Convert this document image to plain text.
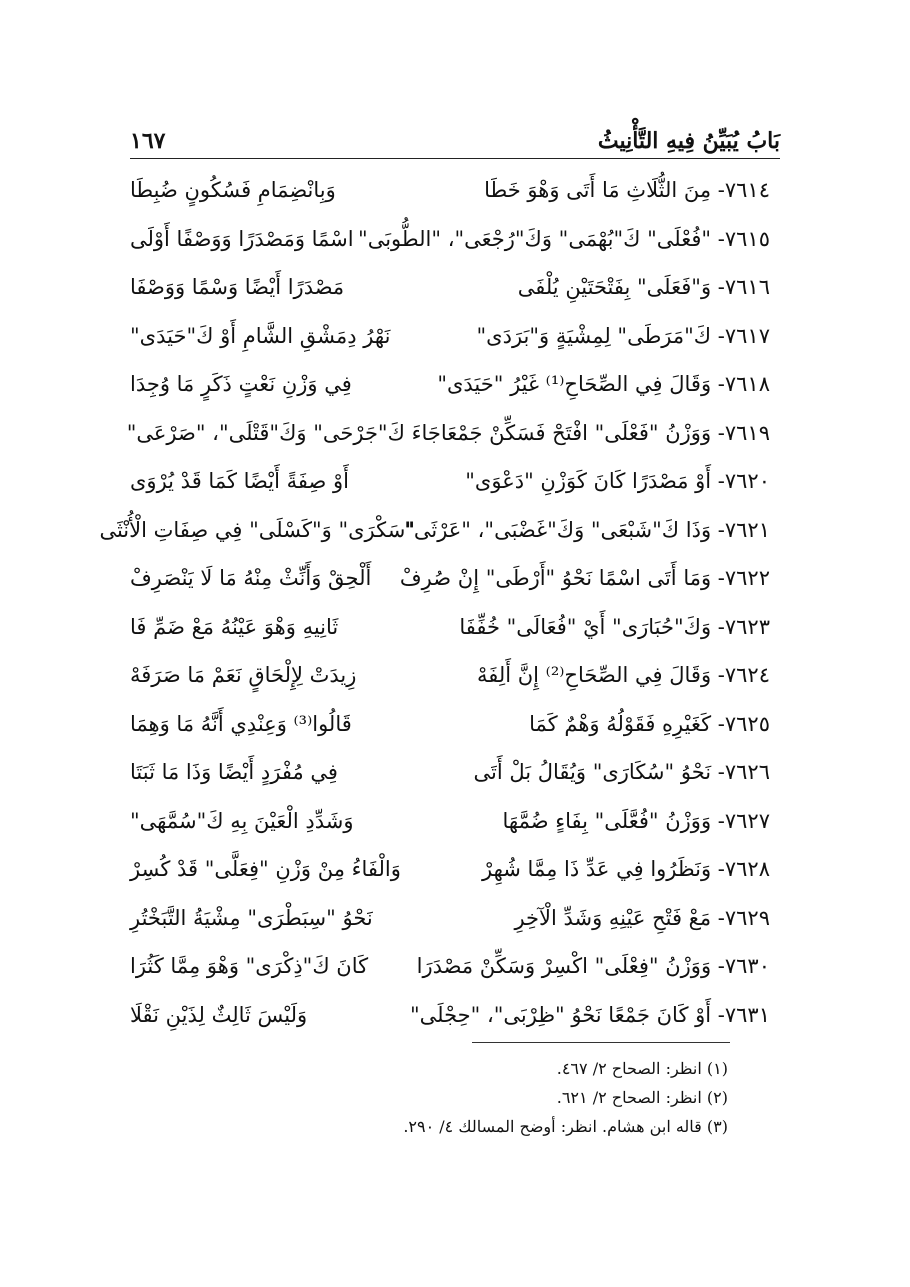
بَابُ يُبَيِّنُ فِيهِ التَّأْنِيثُ
١٦٧
٧٦١٤- مِنَ الثُّلَاثِ مَا أَتَى وَهْوَ خَطَا
وَبِانْضِمَامِ فَسُكُونٍ ضُبِطَا
٧٦١٥- "فُعْلَى" كَ"بُهْمَى" وَكَ"رُجْعَى"، "الطُّوبَى"
اسْمًا وَمَصْدَرًا وَوَصْفًا أَوْلَى
٧٦١٦- وَ"فَعَلَى" بِفَتْحَتَيْنِ يُلْفَى
مَصْدَرًا أَيْضًا وَسْمًا وَوَصْفَا
٧٦١٧- كَ"مَرَطَى" لِمِشْيَةٍ وَ"بَرَدَى"
نَهْرُ دِمَشْقِ الشَّامِ أَوْ كَ"حَيَدَى"
٧٦١٨- وَقَالَ فِي الصِّحَاحِ⁽¹⁾ غَيْرُ "حَيَدَى"
فِي وَزْنِ نَعْتٍ ذَكَرٍ مَا وُجِدَا
٧٦١٩- وَوَزْنُ "فَعْلَى" افْتَحْ فَسَكِّنْ جَمْعَا
جَاءَ كَ"جَرْحَى" وَكَ"قَتْلَى"، "صَرْعَى"
٧٦٢٠- أَوْ مَصْدَرًا كَانَ كَوَزْنِ "دَعْوَى"
أَوْ صِفَةً أَيْضًا كَمَا قَدْ يُرْوَى
٧٦٢١- وَذَا كَ"شَبْعَى" وَكَ"غَضْبَى"، "عَرْثَى"
"سَكْرَى" وَ"كَسْلَى" فِي صِفَاتِ الْأُنْثَى
٧٦٢٢- وَمَا أَتَى اسْمًا نَحْوُ "أَرْطَى" إِنْ صُرِفْ
أَلْحِقْ وَأَنِّثْ مِنْهُ مَا لَا يَنْصَرِفْ
٧٦٢٣- وَكَ"حُبَارَى" أَيْ "فُعَالَى" خُفِّفَا
ثَانِيهِ وَهْوَ عَيْنُهُ مَعْ ضَمِّ فَا
٧٦٢٤- وَقَالَ فِي الصِّحَاحِ⁽²⁾ إِنَّ أَلِفَهْ
زِيدَتْ لِإِلْحَاقٍ نَعَمْ مَا صَرَفَهْ
٧٦٢٥- كَغَيْرِهِ فَقَوْلُهُ وَهْمٌ كَمَا
قَالُوا⁽³⁾ وَعِنْدِي أَنَّهُ مَا وَهِمَا
٧٦٢٦- نَحْوُ "سُكَارَى" وَيُقَالُ بَلْ أَتَى
فِي مُفْرَدٍ أَيْضًا وَذَا مَا ثَبَتَا
٧٦٢٧- وَوَزْنُ "فُعَّلَى" بِفَاءٍ ضُمَّهَا
وَشَدِّدِ الْعَيْنَ بِهِ كَ"سُمَّهَى"
٧٦٢٨- وَنَظَرُوا فِي عَدِّ ذَا مِمَّا شُهِرْ
وَالْفَاءُ مِنْ وَزْنِ "فِعَلَّى" قَدْ كُسِرْ
٧٦٢٩- مَعْ فَتْحِ عَيْنِهِ وَشَدِّ الْآخِرِ
نَحْوُ "سِبَطْرَى" مِشْيَةُ التَّبَخْتُرِ
٧٦٣٠- وَوَزْنُ "فِعْلَى" اكْسِرْ وَسَكِّنْ مَصْدَرَا
كَانَ كَ"ذِكْرَى" وَهْوَ مِمَّا كَثُرَا
٧٦٣١- أَوْ كَانَ جَمْعًا نَحْوُ "ظِرْبَى"، "حِجْلَى"
وَلَيْسَ ثَالِثٌ لِذَيْنِ نَقْلَا
(١) انظر: الصحاح ٢/ ٤٦٧.
(٢) انظر: الصحاح ٢/ ٦٢١.
(٣) قاله ابن هشام. انظر: أوضح المسالك ٤/ ٢٩٠.
